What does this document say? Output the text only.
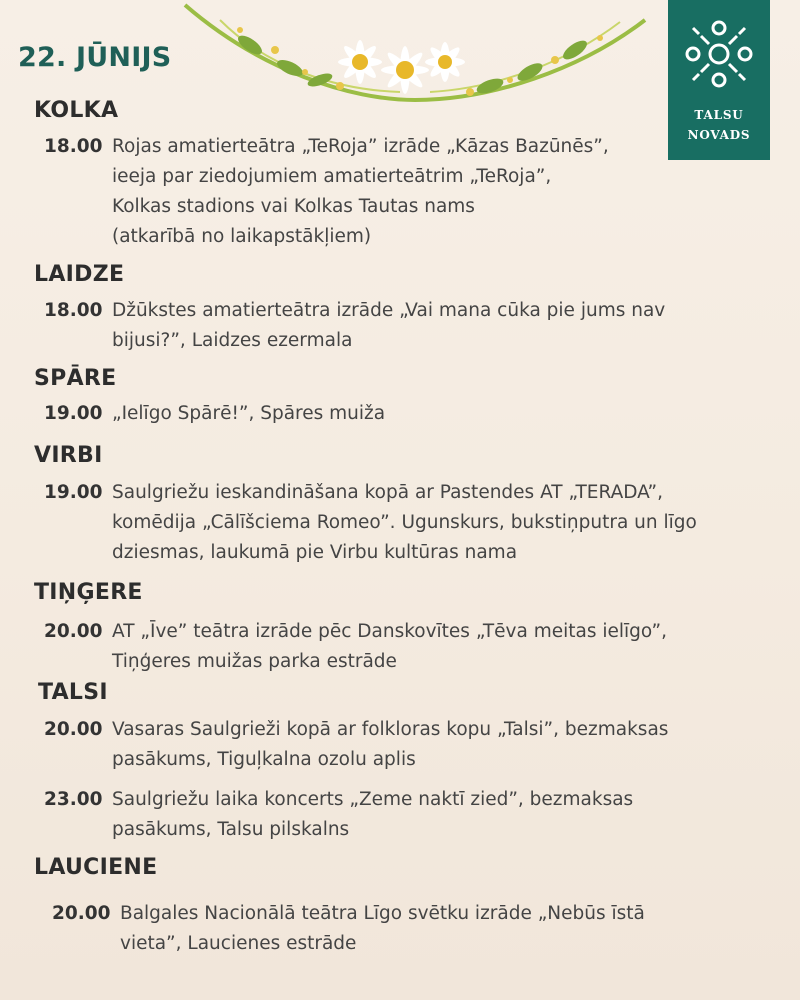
22. JŪNIJS
TALSU
NOVADS
KOLKA
18.00 Rojas amatierteātra „TeRoja” izrāde „Kāzas Bazūnēs”,
ieeja par ziedojumiem amatierteātrim „TeRoja”,
Kolkas stadions vai Kolkas Tautas nams
(atkarībā no laikapstākļiem)
LAIDZE
18.00 Džūkstes amatierteātra izrāde „Vai mana cūka pie jums nav
bijusi?”, Laidzes ezermala
SPĀRE
19.00 „Ielīgo Spārē!”, Spāres muiža
VIRBI
19.00 Saulgriežu ieskandināšana kopā ar Pastendes AT „TERADA”,
komēdija „Cālīšciema Romeo”. Ugunskurs, bukstiņputra un līgo
dziesmas, laukumā pie Virbu kultūras nama
TIŅĢERE
20.00 AT „Īve” teātra izrāde pēc Danskovītes „Tēva meitas ielīgo”,
Tiņģeres muižas parka estrāde
TALSI
20.00 Vasaras Saulgrieži kopā ar folkloras kopu „Talsi”, bezmaksas
pasākums, Tiguļkalna ozolu aplis
23.00 Saulgriežu laika koncerts „Zeme naktī zied”, bezmaksas
pasākums, Talsu pilskalns
LAUCIENE
20.00 Balgales Nacionālā teātra Līgo svētku izrāde „Nebūs īstā
vieta”, Laucienes estrāde
